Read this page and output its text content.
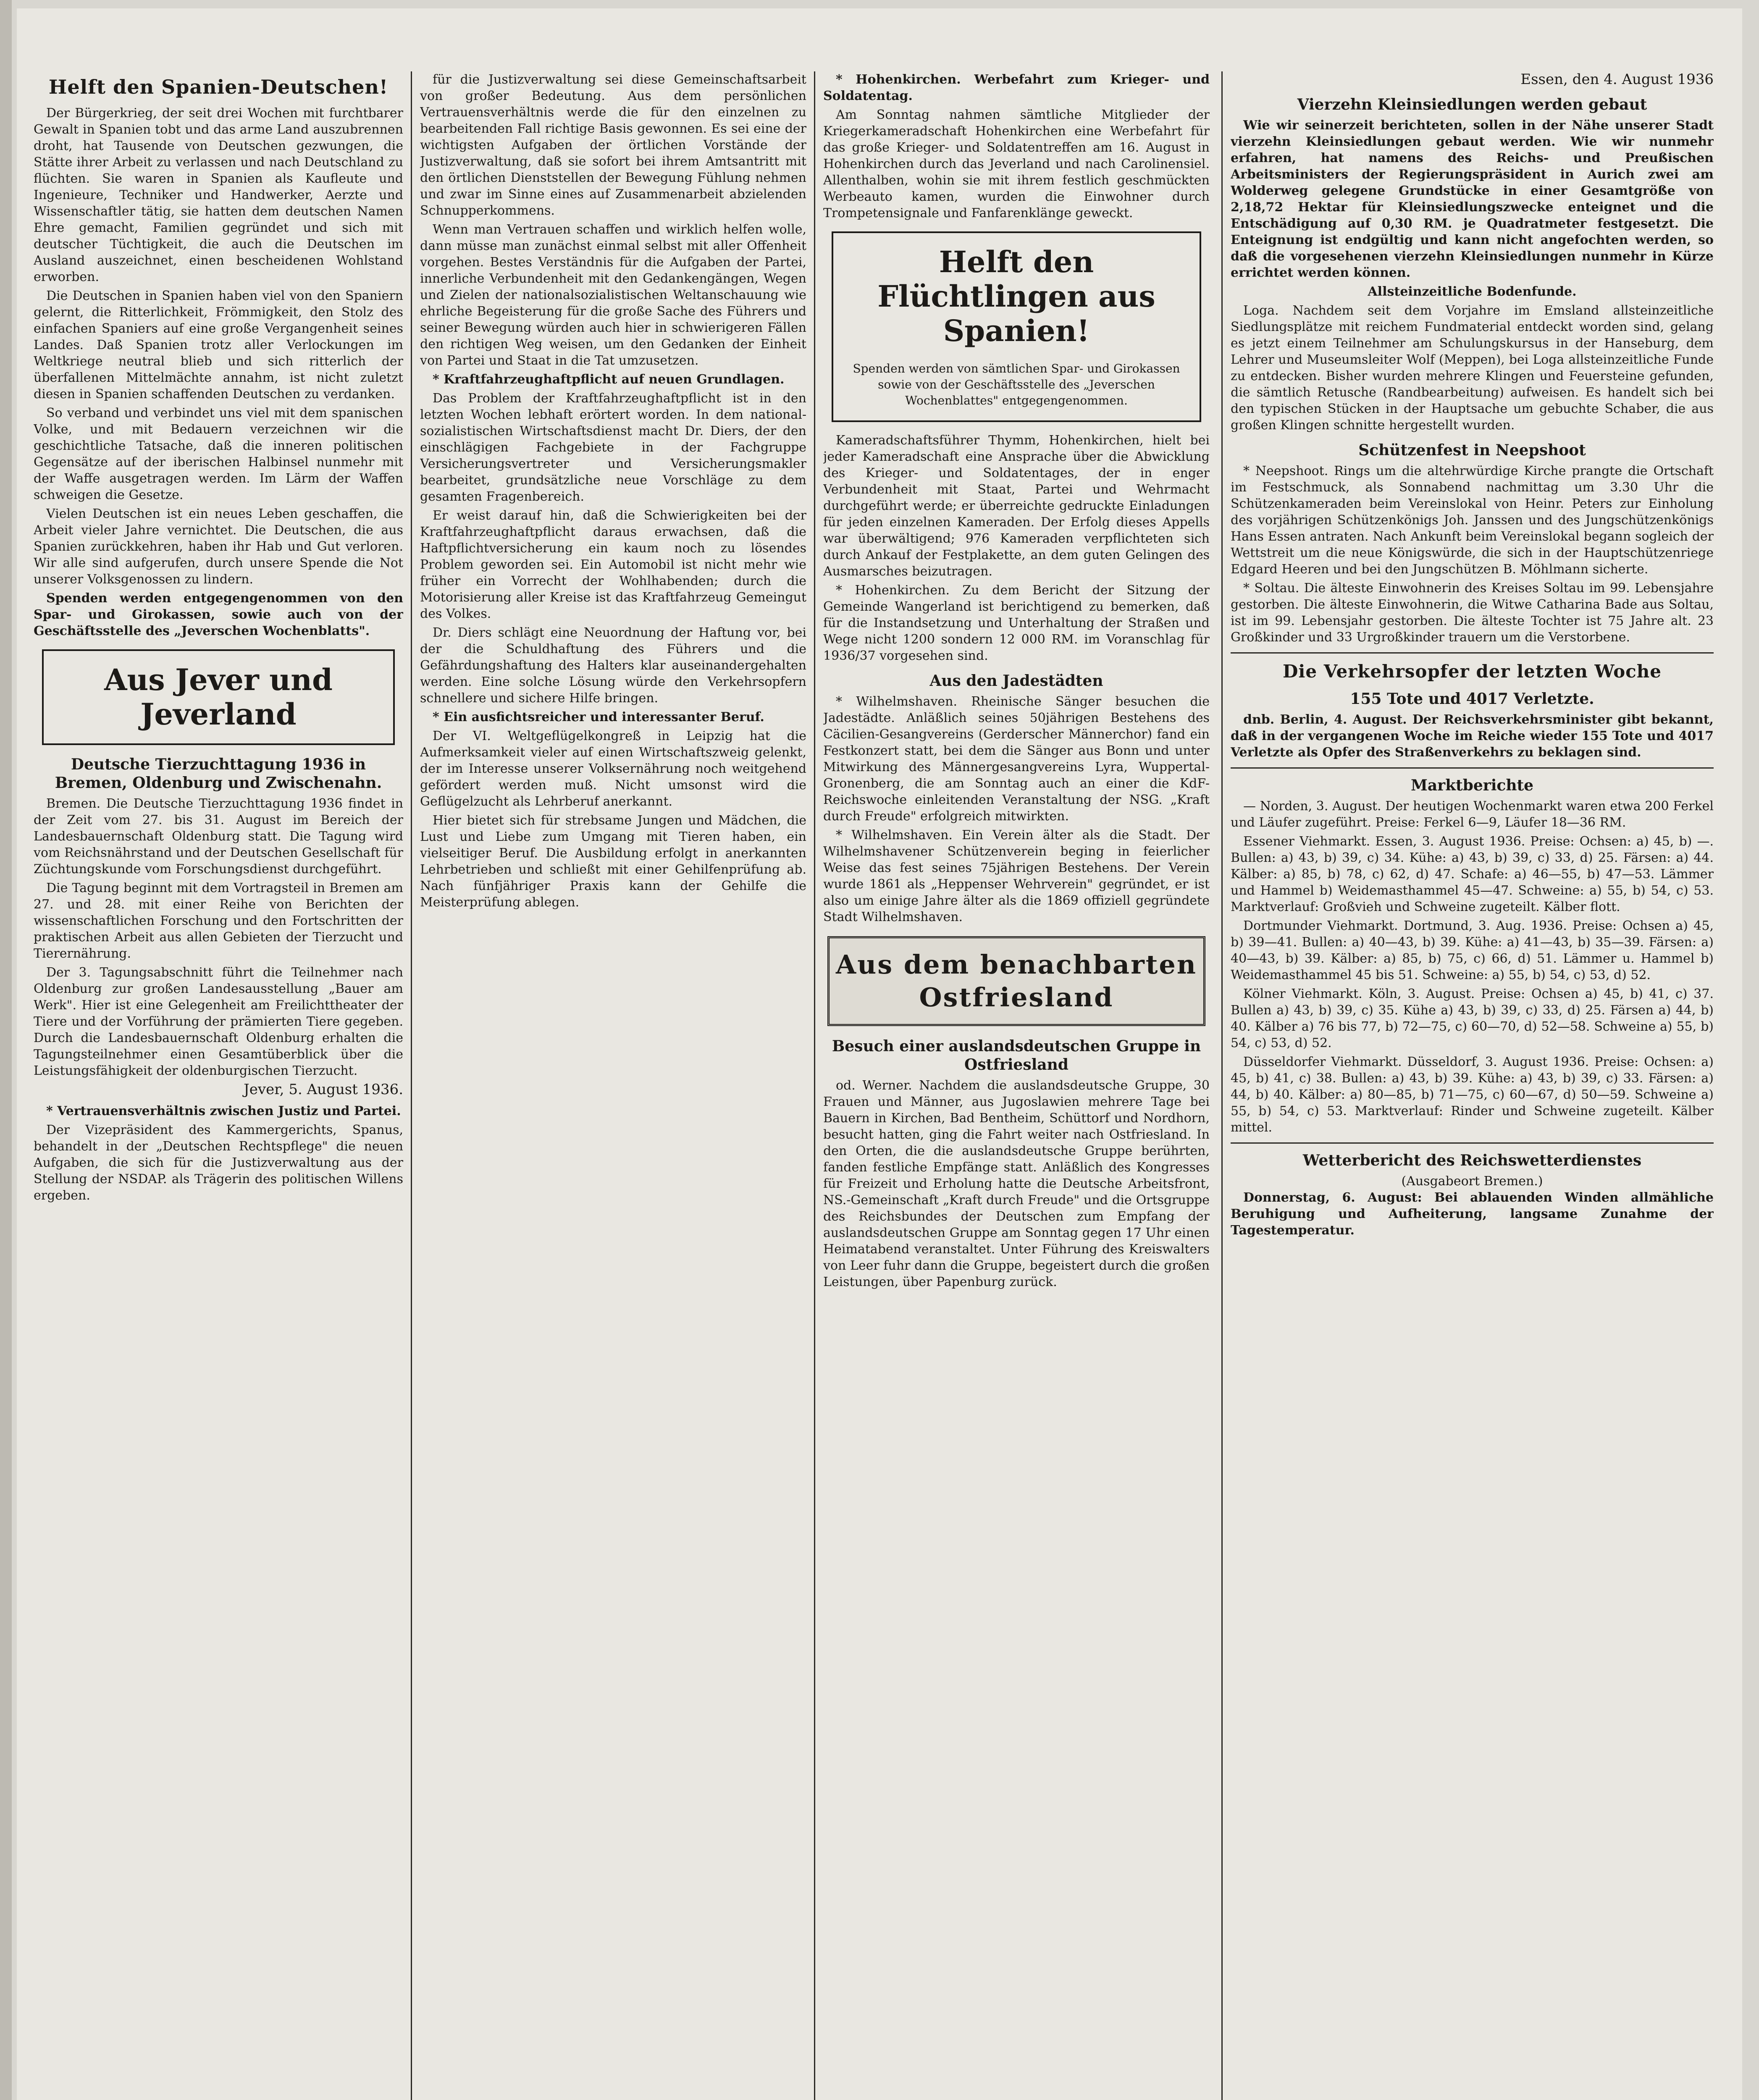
Helft den Spanien-Deutschen!

Der Bürgerkrieg, der seit drei Wochen mit furchtbarer Gewalt in Spanien tobt und das arme Land auszubrennen droht, hat Tausende von Deutschen gezwungen, die Stätte ihrer Arbeit zu verlassen und nach Deutschland zu flüchten. Sie waren in Spanien als Kaufleute und Ingenieure, Techniker und Handwerker, Aerzte und Wissenschaftler tätig, sie hatten dem deutschen Namen Ehre gemacht, Familien gegründet und sich mit deutscher Tüchtigkeit, die auch die Deutschen im Ausland auszeichnet, einen bescheidenen Wohlstand erworben.

Die Deutschen in Spanien haben viel von den Spaniern gelernt, die Ritterlichkeit, Frömmigkeit, den Stolz des einfachen Spaniers auf eine große Vergangenheit seines Landes. Daß Spanien trotz aller Verlockungen im Weltkriege neutral blieb und sich ritterlich der überfallenen Mittelmächte annahm, ist nicht zuletzt diesen in Spanien schaffenden Deutschen zu verdanken.

So verband und verbindet uns viel mit dem spanischen Volke, und mit Bedauern verzeichnen wir die geschichtliche Tatsache, daß die inneren politischen Gegensätze auf der iberischen Halbinsel nunmehr mit der Waffe ausgetragen werden. Im Lärm der Waffen schweigen die Gesetze.

Vielen Deutschen ist ein neues Leben geschaffen, die Arbeit vieler Jahre vernichtet. Die Deutschen, die aus Spanien zurückkehren, haben ihr Hab und Gut verloren. Wir alle sind aufgerufen, durch unsere Spende die Not unserer Volksgenossen zu lindern.

Spenden werden entgegengenommen von den Spar- und Girokassen, sowie auch von der Geschäftsstelle des „Jeverschen Wochenblatts".

Aus Jever und Jeverland
Deutsche Tierzuchttagung 1936 in Bremen, Oldenburg und Zwischenahn.

Bremen. Die Deutsche Tierzuchttagung 1936 findet in der Zeit vom 27. bis 31. August im Bereich der Landesbauernschaft Oldenburg statt. Die Tagung wird vom Reichsnährstand und der Deutschen Gesellschaft für Züchtungskunde vom Forschungsdienst durchgeführt.

Die Tagung beginnt mit dem Vortragsteil in Bremen am 27. und 28. mit einer Reihe von Berichten der wissenschaftlichen Forschung und den Fortschritten der praktischen Arbeit aus allen Gebieten der Tierzucht und Tierernährung.

Der 3. Tagungsabschnitt führt die Teilnehmer nach Oldenburg zur großen Landesausstellung „Bauer am Werk". Hier ist eine Gelegenheit am Freilichttheater der Tiere und der Vorführung der prämierten Tiere gegeben. Durch die Landesbauernschaft Oldenburg erhalten die Tagungsteilnehmer einen Gesamtüberblick über die Leistungsfähigkeit der oldenburgischen Tierzucht.

Jever, 5. August 1936.

* Vertrauensverhältnis zwischen Justiz und Partei.

Der Vizepräsident des Kammergerichts, Spanus, behandelt in der „Deutschen Rechtspflege" die neuen Aufgaben, die sich für die Justizverwaltung aus der Stellung der NSDAP. als Trägerin des politischen Willens ergeben.

für die Justizverwaltung sei diese Gemeinschaftsarbeit von großer Bedeutung. Aus dem persönlichen Vertrauensverhältnis werde die für den einzelnen zu bearbeitenden Fall richtige Basis gewonnen. Es sei eine der wichtigsten Aufgaben der örtlichen Vorstände der Justizverwaltung, daß sie sofort bei ihrem Amtsantritt mit den örtlichen Dienststellen der Bewegung Fühlung nehmen und zwar im Sinne eines auf Zusammenarbeit abzielenden Schnupperkommens.

Wenn man Vertrauen schaffen und wirklich helfen wolle, dann müsse man zunächst einmal selbst mit aller Offenheit vorgehen. Bestes Verständnis für die Aufgaben der Partei, innerliche Verbundenheit mit den Gedankengängen, Wegen und Zielen der nationalsozialistischen Weltanschauung wie ehrliche Begeisterung für die große Sache des Führers und seiner Bewegung würden auch hier in schwierigeren Fällen den richtigen Weg weisen, um den Gedanken der Einheit von Partei und Staat in die Tat umzusetzen.

* Kraftfahrzeughaftpflicht auf neuen Grundlagen.

Das Problem der Kraftfahrzeughaftpflicht ist in den letzten Wochen lebhaft erörtert worden. In dem national-sozialistischen Wirtschaftsdienst macht Dr. Diers, der den einschlägigen Fachgebiete in der Fachgruppe Versicherungsvertreter und Versicherungsmakler bearbeitet, grundsätzliche neue Vorschläge zu dem gesamten Fragenbereich.

Er weist darauf hin, daß die Schwierigkeiten bei der Kraftfahrzeughaftpflicht daraus erwachsen, daß die Haftpflichtversicherung ein kaum noch zu lösendes Problem geworden sei. Ein Automobil ist nicht mehr wie früher ein Vorrecht der Wohlhabenden; durch die Motorisierung aller Kreise ist das Kraftfahrzeug Gemeingut des Volkes.

Dr. Diers schlägt eine Neuordnung der Haftung vor, bei der die Schuldhaftung des Führers und die Gefährdungshaftung des Halters klar auseinandergehalten werden. Eine solche Lösung würde den Verkehrsopfern schnellere und sichere Hilfe bringen.

* Ein ausfichtsreicher und interessanter Beruf.

Der VI. Weltgeflügelkongreß in Leipzig hat die Aufmerksamkeit vieler auf einen Wirtschaftszweig gelenkt, der im Interesse unserer Volksernährung noch weitgehend gefördert werden muß. Nicht umsonst wird die Geflügelzucht als Lehrberuf anerkannt.

Hier bietet sich für strebsame Jungen und Mädchen, die Lust und Liebe zum Umgang mit Tieren haben, ein vielseitiger Beruf. Die Ausbildung erfolgt in anerkannten Lehrbetrieben und schließt mit einer Gehilfenprüfung ab. Nach fünfjähriger Praxis kann der Gehilfe die Meisterprüfung ablegen.

* Hohenkirchen. Werbefahrt zum Krieger- und Soldatentag.

Am Sonntag nahmen sämtliche Mitglieder der Kriegerkameradschaft Hohenkirchen eine Werbefahrt für das große Krieger- und Soldatentreffen am 16. August in Hohenkirchen durch das Jeverland und nach Carolinensiel. Allenthalben, wohin sie mit ihrem festlich geschmückten Werbeauto kamen, wurden die Einwohner durch Trompetensignale und Fanfarenklänge geweckt.

Helft den Flüchtlingen aus Spanien!
Spenden werden von sämtlichen Spar- und Girokassen sowie von der Geschäftsstelle des „Jeverschen Wochenblattes" entgegengenommen.

Kameradschaftsführer Thymm, Hohenkirchen, hielt bei jeder Kameradschaft eine Ansprache über die Abwicklung des Krieger- und Soldatentages, der in enger Verbundenheit mit Staat, Partei und Wehrmacht durchgeführt werde; er überreichte gedruckte Einladungen für jeden einzelnen Kameraden. Der Erfolg dieses Appells war überwältigend; 976 Kameraden verpflichteten sich durch Ankauf der Festplakette, an dem guten Gelingen des Ausmarsches beizutragen.

* Hohenkirchen. Zu dem Bericht der Sitzung der Gemeinde Wangerland ist berichtigend zu bemerken, daß für die Instandsetzung und Unterhaltung der Straßen und Wege nicht 1200 sondern 12 000 RM. im Voranschlag für 1936/37 vorgesehen sind.

Aus den Jadestädten

* Wilhelmshaven. Rheinische Sänger besuchen die Jadestädte. Anläßlich seines 50jährigen Bestehens des Cäcilien-Gesangvereins (Gerderscher Männerchor) fand ein Festkonzert statt, bei dem die Sänger aus Bonn und unter Mitwirkung des Männergesangvereins Lyra, Wuppertal-Gronenberg, die am Sonntag auch an einer die KdF-Reichswoche einleitenden Veranstaltung der NSG. „Kraft durch Freude" erfolgreich mitwirkten.

* Wilhelmshaven. Ein Verein älter als die Stadt. Der Wilhelmshavener Schützenverein beging in feierlicher Weise das fest seines 75jährigen Bestehens. Der Verein wurde 1861 als „Heppenser Wehrverein" gegründet, er ist also um einige Jahre älter als die 1869 offiziell gegründete Stadt Wilhelmshaven.

Aus dem benachbarten Ostfriesland
Besuch einer auslandsdeutschen Gruppe in Ostfriesland

od. Werner. Nachdem die auslandsdeutsche Gruppe, 30 Frauen und Männer, aus Jugoslawien mehrere Tage bei Bauern in Kirchen, Bad Bentheim, Schüttorf und Nordhorn, besucht hatten, ging die Fahrt weiter nach Ostfriesland. In den Orten, die die auslandsdeutsche Gruppe berührten, fanden festliche Empfänge statt. Anläßlich des Kongresses für Freizeit und Erholung hatte die Deutsche Arbeitsfront, NS.-Gemeinschaft „Kraft durch Freude" und die Ortsgruppe des Reichsbundes der Deutschen zum Empfang der auslandsdeutschen Gruppe am Sonntag gegen 17 Uhr einen Heimatabend veranstaltet. Unter Führung des Kreiswalters von Leer fuhr dann die Gruppe, begeistert durch die großen Leistungen, über Papenburg zurück.

Essen, den 4. August 1936
Vierzehn Kleinsiedlungen werden gebaut

Wie wir seinerzeit berichteten, sollen in der Nähe unserer Stadt vierzehn Kleinsiedlungen gebaut werden. Wie wir nunmehr erfahren, hat namens des Reichs- und Preußischen Arbeitsministers der Regierungspräsident in Aurich zwei am Wolderweg gelegene Grundstücke in einer Gesamtgröße von 2,18,72 Hektar für Kleinsiedlungszwecke enteignet und die Entschädigung auf 0,30 RM. je Quadratmeter festgesetzt. Die Enteignung ist endgültig und kann nicht angefochten werden, so daß die vorgesehenen vierzehn Kleinsiedlungen nunmehr in Kürze errichtet werden können.

Allsteinzeitliche Bodenfunde.

Loga. Nachdem seit dem Vorjahre im Emsland allsteinzeitliche Siedlungsplätze mit reichem Fundmaterial entdeckt worden sind, gelang es jetzt einem Teilnehmer am Schulungskursus in der Hanseburg, dem Lehrer und Museumsleiter Wolf (Meppen), bei Loga allsteinzeitliche Funde zu entdecken. Bisher wurden mehrere Klingen und Feuersteine gefunden, die sämtlich Retusche (Randbearbeitung) aufweisen. Es handelt sich bei den typischen Stücken in der Hauptsache um gebuchte Schaber, die aus großen Klingen schnitte hergestellt wurden.

Schützenfest in Neepshoot

* Neepshoot. Rings um die altehrwürdige Kirche prangte die Ortschaft im Festschmuck, als Sonnabend nachmittag um 3.30 Uhr die Schützenkameraden beim Vereinslokal von Heinr. Peters zur Einholung des vorjährigen Schützenkönigs Joh. Janssen und des Jungschützenkönigs Hans Essen antraten. Nach Ankunft beim Vereinslokal begann sogleich der Wettstreit um die neue Königswürde, die sich in der Hauptschützenriege Edgard Heeren und bei den Jungschützen B. Möhlmann sicherte.

* Soltau. Die älteste Einwohnerin des Kreises Soltau im 99. Lebensjahre gestorben. Die älteste Einwohnerin, die Witwe Catharina Bade aus Soltau, ist im 99. Lebensjahr gestorben. Die älteste Tochter ist 75 Jahre alt. 23 Großkinder und 33 Urgroßkinder trauern um die Verstorbene.

Die Verkehrsopfer der letzten Woche
155 Tote und 4017 Verletzte.

dnb. Berlin, 4. August. Der Reichsverkehrsminister gibt bekannt, daß in der vergangenen Woche im Reiche wieder 155 Tote und 4017 Verletzte als Opfer des Straßenverkehrs zu beklagen sind.

Marktberichte

— Norden, 3. August. Der heutigen Wochenmarkt waren etwa 200 Ferkel und Läufer zugeführt. Preise: Ferkel 6—9, Läufer 18—36 RM.

Essener Viehmarkt. Essen, 3. August 1936. Preise: Ochsen: a) 45, b) —. Bullen: a) 43, b) 39, c) 34. Kühe: a) 43, b) 39, c) 33, d) 25. Färsen: a) 44. Kälber: a) 85, b) 78, c) 62, d) 47. Schafe: a) 46—55, b) 47—53. Lämmer und Hammel b) Weidemasthammel 45—47. Schweine: a) 55, b) 54, c) 53. Marktverlauf: Großvieh und Schweine zugeteilt. Kälber flott.

Dortmunder Viehmarkt. Dortmund, 3. Aug. 1936. Preise: Ochsen a) 45, b) 39—41. Bullen: a) 40—43, b) 39. Kühe: a) 41—43, b) 35—39. Färsen: a) 40—43, b) 39. Kälber: a) 85, b) 75, c) 66, d) 51. Lämmer u. Hammel b) Weidemasthammel 45 bis 51. Schweine: a) 55, b) 54, c) 53, d) 52.

Kölner Viehmarkt. Köln, 3. August. Preise: Ochsen a) 45, b) 41, c) 37. Bullen a) 43, b) 39, c) 35. Kühe a) 43, b) 39, c) 33, d) 25. Färsen a) 44, b) 40. Kälber a) 76 bis 77, b) 72—75, c) 60—70, d) 52—58. Schweine a) 55, b) 54, c) 53, d) 52.

Düsseldorfer Viehmarkt. Düsseldorf, 3. August 1936. Preise: Ochsen: a) 45, b) 41, c) 38. Bullen: a) 43, b) 39. Kühe: a) 43, b) 39, c) 33. Färsen: a) 44, b) 40. Kälber: a) 80—85, b) 71—75, c) 60—67, d) 50—59. Schweine a) 55, b) 54, c) 53. Marktverlauf: Rinder und Schweine zugeteilt. Kälber mittel.

Wetterbericht des Reichswetterdienstes
(Ausgabeort Bremen.)

Donnerstag, 6. August: Bei ablauenden Winden allmähliche Beruhigung und Aufheiterung, langsame Zunahme der Tagestemperatur.
